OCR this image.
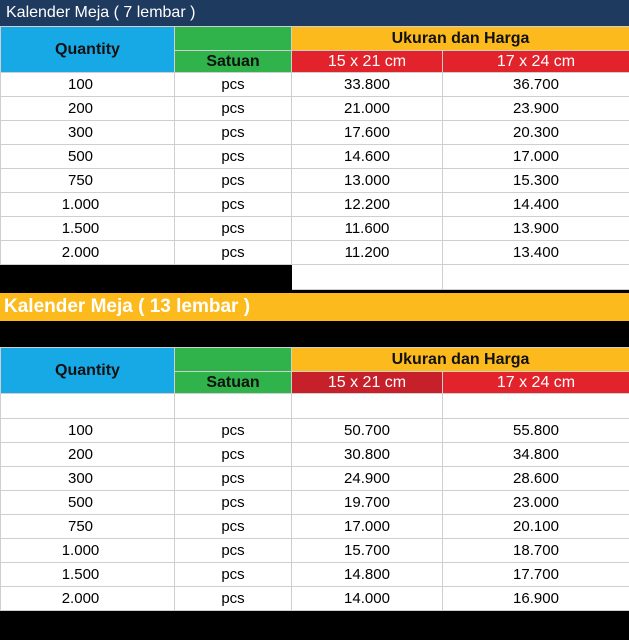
Kalender Meja ( 7 lembar )
Quantity		Ukuran dan Harga	
	Satuan	15 x 21 cm	17 x 24 cm
100	pcs	33.800	36.700
200	pcs	21.000	23.900
300	pcs	17.600	20.300
500	pcs	14.600	17.000
750	pcs	13.000	15.300
1.000	pcs	12.200	14.400
1.500	pcs	11.600	13.900
2.000	pcs	11.200	13.400

Kalender Meja ( 13 lembar )
Quantity		Ukuran dan Harga	
	Satuan	15 x 21 cm	17 x 24 cm

100	pcs	50.700	55.800
200	pcs	30.800	34.800
300	pcs	24.900	28.600
500	pcs	19.700	23.000
750	pcs	17.000	20.100
1.000	pcs	15.700	18.700
1.500	pcs	14.800	17.700
2.000	pcs	14.000	16.900
